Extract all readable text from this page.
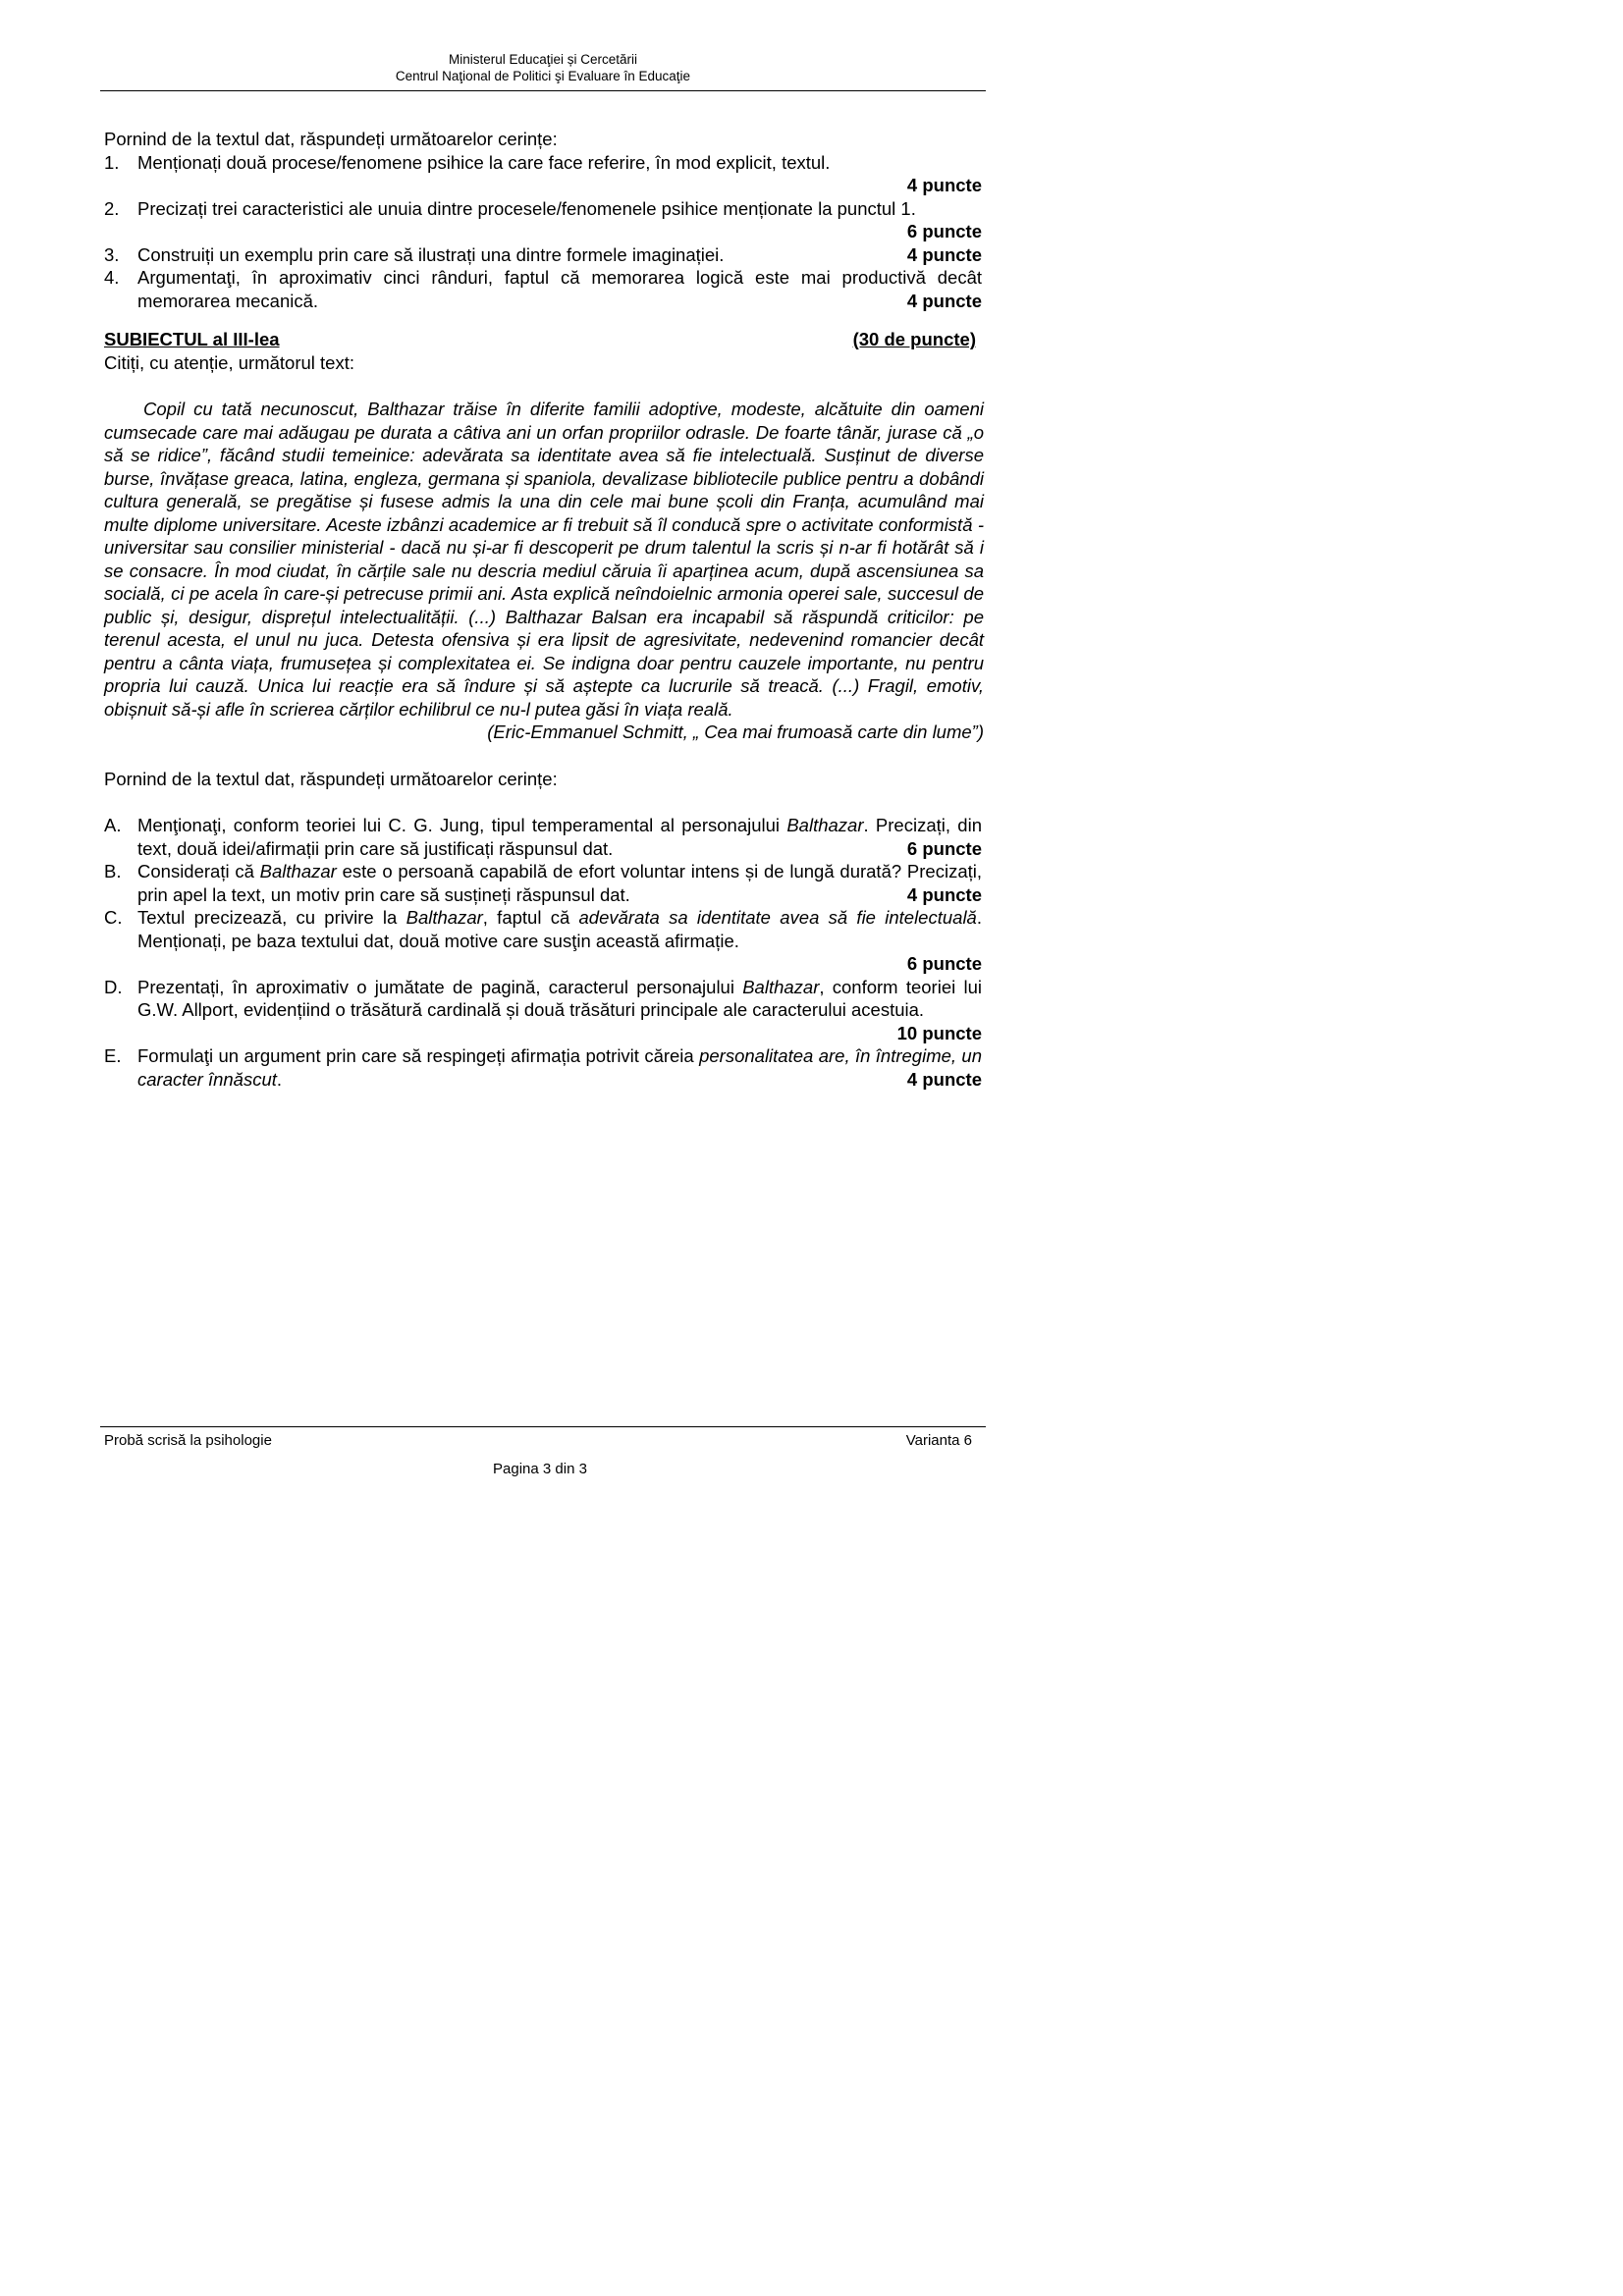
Ministerul Educaţiei și Cercetării
Centrul Naţional de Politici şi Evaluare în Educaţie

Pornind de la textul dat, răspundeți următoarelor cerințe:

1.	Menționați două procese/fenomene psihice la care face referire, în mod explicit, textul.
4 puncte
2.	Precizați trei caracteristici ale unuia dintre procesele/fenomenele psihice menționate la punctul 1.
6 puncte
3.	4 puncte
Construiți un exemplu prin care să ilustrați una dintre formele imaginației.
4.	Argumentaţi, în aproximativ cinci rânduri, faptul că memorarea logică este mai productivă decât memorarea mecanică.	4 puncte
SUBIECTUL al III-lea	(30 de puncte)
Citiți, cu atenție, următorul text:

Copil cu tată necunoscut, Balthazar trăise în diferite familii adoptive, modeste, alcătuite din oameni cumsecade care mai adăugau pe durata a câtiva ani un orfan propriilor odrasle. De foarte tânăr, jurase că „o să se ridice”, făcând studii temeinice: adevărata sa identitate avea să fie intelectuală. Susținut de diverse burse, învățase greaca, latina, engleza, germana și spaniola, devalizase bibliotecile publice pentru a dobândi cultura generală, se pregătise și fusese admis la una din cele mai bune școli din Franța, acumulând mai multe diplome universitare. Aceste izbânzi academice ar fi trebuit să îl conducă spre o activitate conformistă - universitar sau consilier ministerial - dacă nu și-ar fi descoperit pe drum talentul la scris și n-ar fi hotărât să i se consacre. În mod ciudat, în cărțile sale nu descria mediul căruia îi aparținea acum, după ascensiunea sa socială, ci pe acela în care-și petrecuse primii ani. Asta explică neîndoielnic armonia operei sale, succesul de public și, desigur, disprețul intelectualității. (...) Balthazar Balsan era incapabil să răspundă criticilor: pe terenul acesta, el unul nu juca. Detesta ofensiva și era lipsit de agresivitate, nedevenind romancier decât pentru a cânta viața, frumusețea și complexitatea ei. Se indigna doar pentru cauzele importante, nu pentru propria lui cauză. Unica lui reacție era să îndure și să aștepte ca lucrurile să treacă. (...) Fragil, emotiv, obișnuit să-și afle în scrierea cărților echilibrul ce nu-l putea găsi în viața reală.

(Eric-Emmanuel Schmitt, „ Cea mai frumoasă carte din lume”)
Pornind de la textul dat, răspundeți următoarelor cerințe:
A. Menţionaţi, conform teoriei lui C. G. Jung, tipul temperamental al personajului Balthazar. Precizați, din text, două idei/afirmații prin care să justificați răspunsul dat.	6 puncte
B. Considerați că Balthazar este o persoană capabilă de efort voluntar intens și de lungă durată? Precizați, prin apel la text, un motiv prin care să susțineți răspunsul dat.	4 puncte
C. Textul precizează, cu privire la Balthazar, faptul că adevărata sa identitate avea să fie intelectuală. Menționați, pe baza textului dat, două motive care susţin această afirmație.
6 puncte
D. Prezentați, în aproximativ o jumătate de pagină, caracterul personajului Balthazar, conform teoriei lui G.W. Allport, evidențiind o trăsătură cardinală și două trăsături principale ale caracterului acestuia.
10 puncte
E. Formulaţi un argument prin care să respingeți afirmația potrivit căreia personalitatea are, în întregime, un caracter înnăscut.	4 puncte
Probă scrisă la psihologie	Varianta 6
Pagina 3 din 3
